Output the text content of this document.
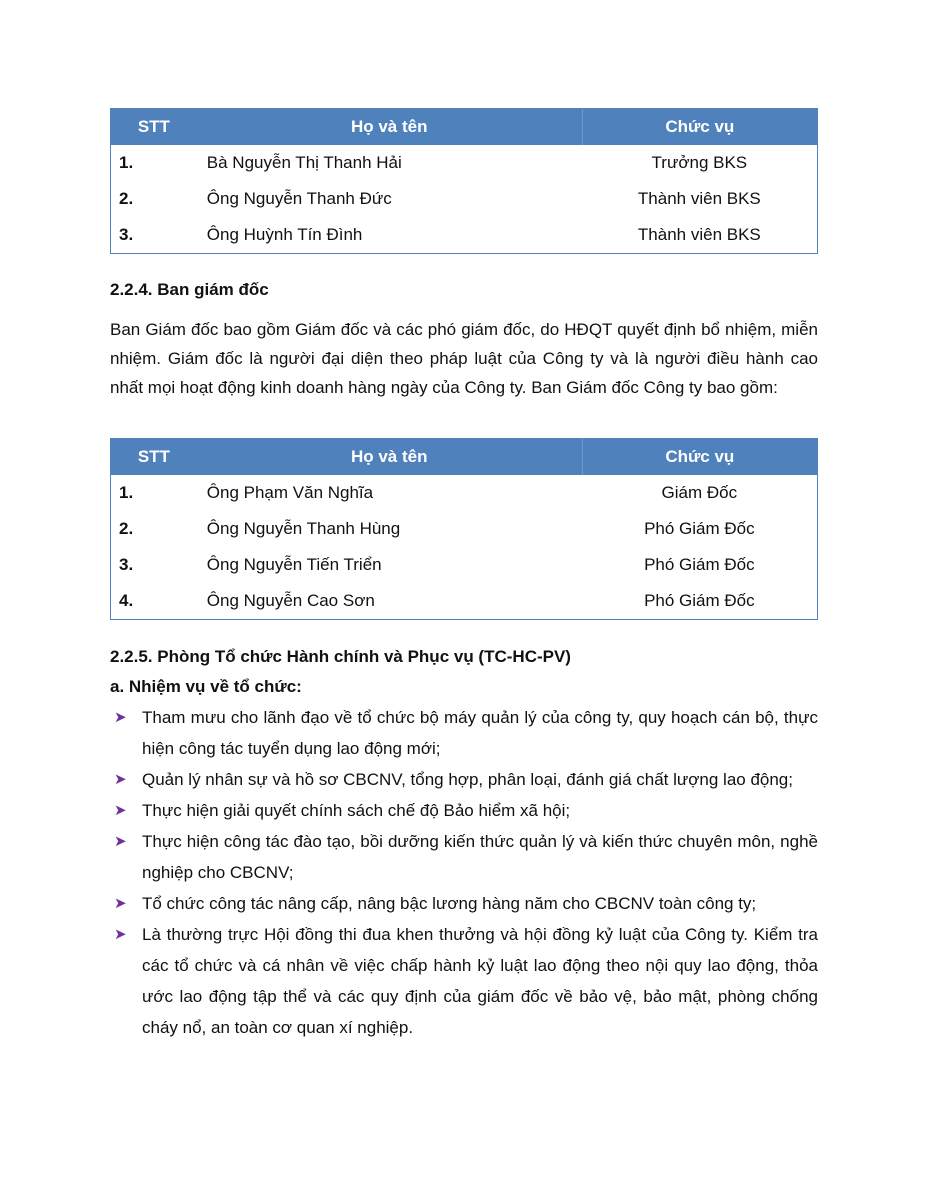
STT	Họ và tên	Chức vụ
1.	Bà Nguyễn Thị Thanh Hải	Trưởng BKS
2.	Ông Nguyễn Thanh Đức	Thành viên BKS
3.	Ông Huỳnh Tín Đình	Thành viên BKS
2.2.4. Ban giám đốc
Ban Giám đốc bao gồm Giám đốc và các phó giám đốc, do HĐQT quyết định bổ nhiệm, miễn nhiệm. Giám đốc là người đại diện theo pháp luật của Công ty và là người điều hành cao nhất mọi hoạt động kinh doanh hàng ngày của Công ty. Ban Giám đốc Công ty bao gồm:
STT	Họ và tên	Chức vụ
1.	Ông Phạm Văn Nghĩa	Giám Đốc
2.	Ông Nguyễn Thanh Hùng	Phó Giám Đốc
3.	Ông Nguyễn Tiến Triển	Phó Giám Đốc
4.	Ông Nguyễn Cao Sơn	Phó Giám Đốc
2.2.5. Phòng Tổ chức Hành chính và Phục vụ (TC-HC-PV)
a. Nhiệm vụ về tổ chức:
➤ Tham mưu cho lãnh đạo về tổ chức bộ máy quản lý của công ty, quy hoạch cán bộ, thực hiện công tác tuyển dụng lao động mới;
➤ Quản lý nhân sự và hồ sơ CBCNV, tổng hợp, phân loại, đánh giá chất lượng lao động;
➤ Thực hiện giải quyết chính sách chế độ Bảo hiểm xã hội;
➤ Thực hiện công tác đào tạo, bồi dưỡng kiến thức quản lý và kiến thức chuyên môn, nghề nghiệp cho CBCNV;
➤ Tổ chức công tác nâng cấp, nâng bậc lương hàng năm cho CBCNV toàn công ty;
➤ Là thường trực Hội đồng thi đua khen thưởng và hội đồng kỷ luật của Công ty. Kiểm tra các tổ chức và cá nhân về việc chấp hành kỷ luật lao động theo nội quy lao động, thỏa ước lao động tập thể và các quy định của giám đốc về bảo vệ, bảo mật, phòng chống cháy nổ, an toàn cơ quan xí nghiệp.
